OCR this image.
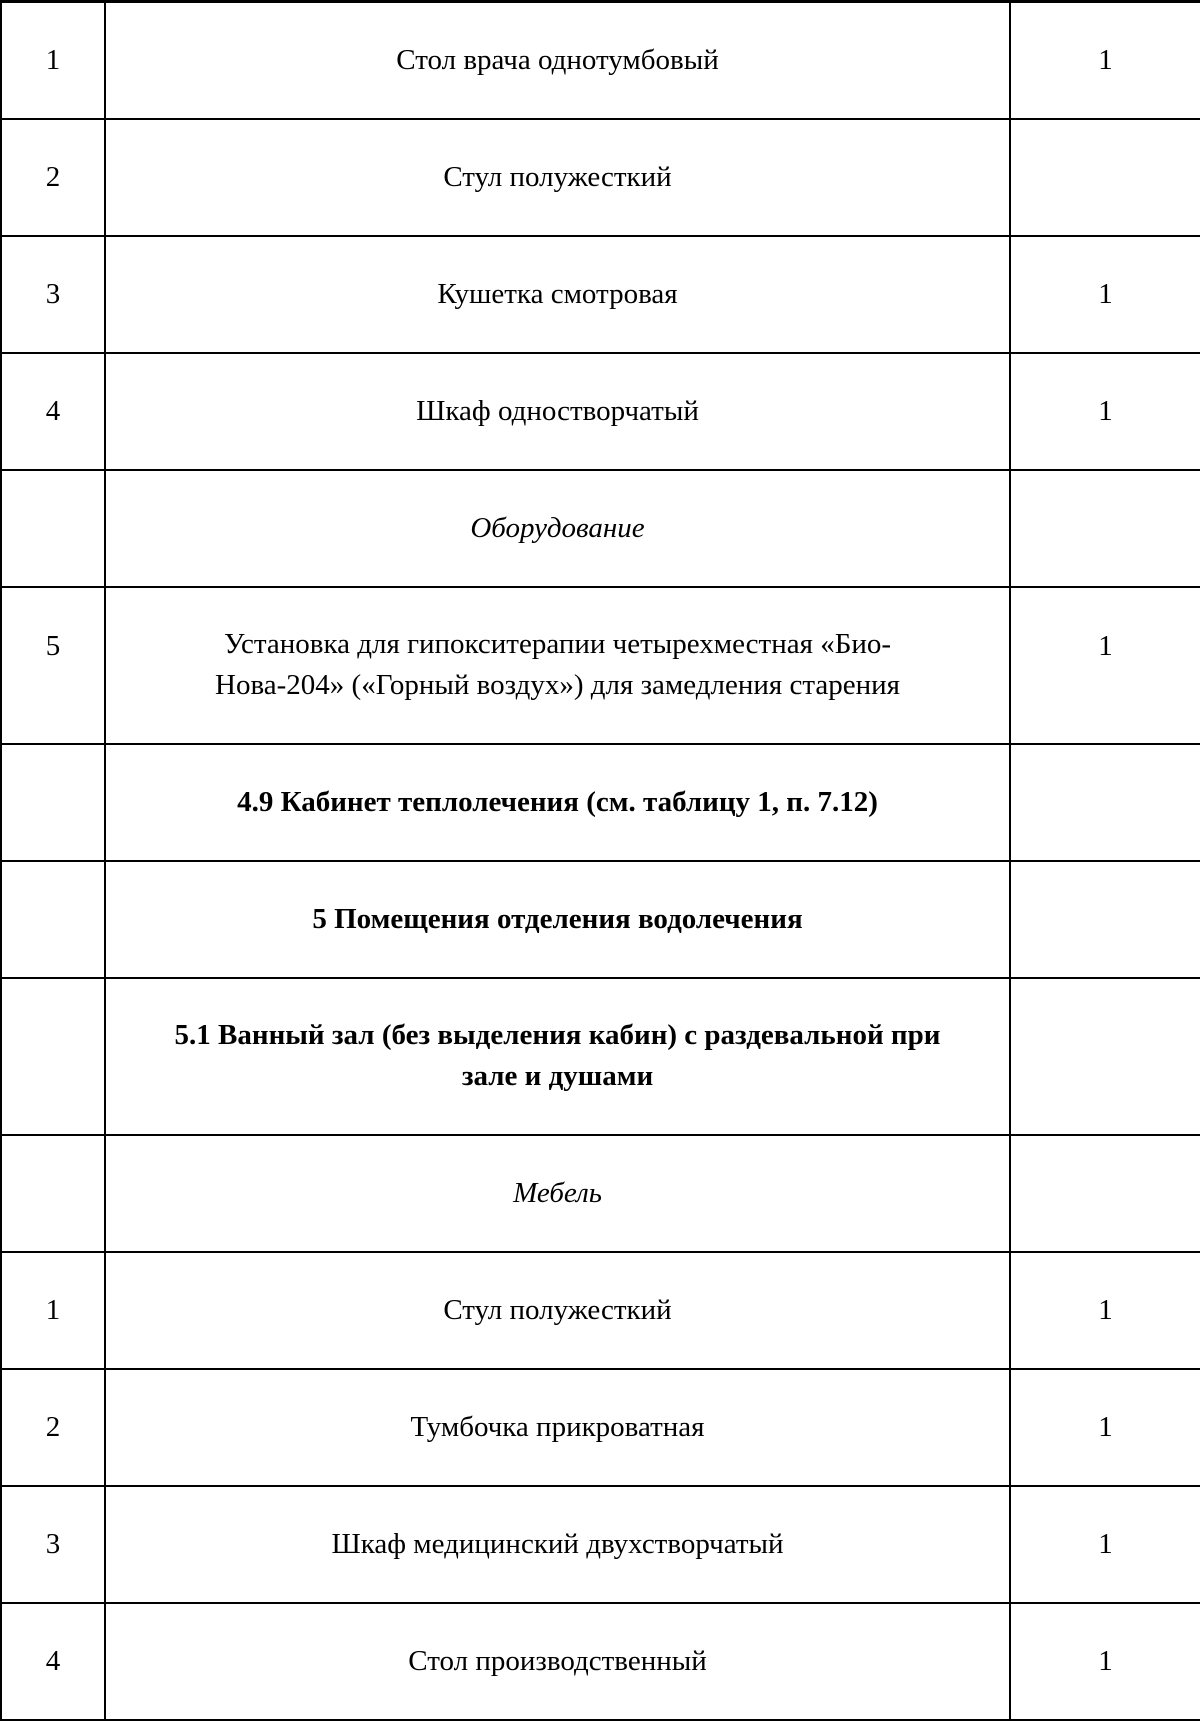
1	Стол врача однотумбовый	1
2	Стул полужесткий	
3	Кушетка смотровая	1
4	Шкаф одностворчатый	1
	Оборудование	
5	Установка для гипокситерапии четырехместная «Био-
Нова-204» («Горный воздух») для замедления старения	1
	4.9 Кабинет теплолечения (см. таблицу 1, п. 7.12)	
	5 Помещения отделения водолечения	

	5.1 Ванный зал (без выделения кабин) с раздевальной при
зале и душами	

	Мебель	
1	Стул полужесткий	1
2	Тумбочка прикроватная	1
3	Шкаф медицинский двухстворчатый	1
4	Стол производственный	1
